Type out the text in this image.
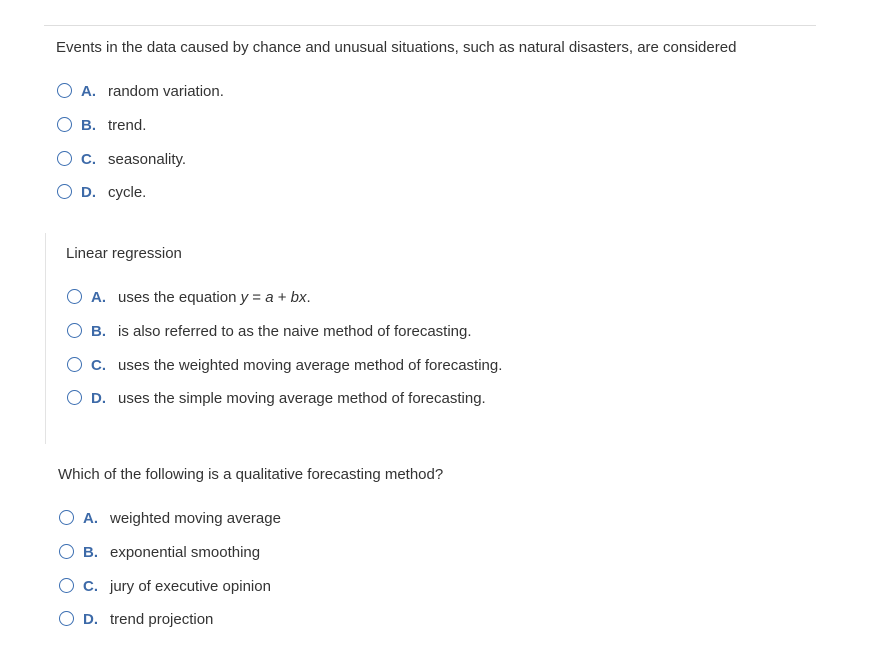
Events in the data caused by chance and unusual situations, such as natural disasters, are considered
A. random variation.
B. trend.
C. seasonality.
D. cycle.
Linear regression
A. uses the equation y = a + bx.
B. is also referred to as the naive method of forecasting.
C. uses the weighted moving average method of forecasting.
D. uses the simple moving average method of forecasting.
Which of the following is a qualitative forecasting method?
A. weighted moving average
B. exponential smoothing
C. jury of executive opinion
D. trend projection
